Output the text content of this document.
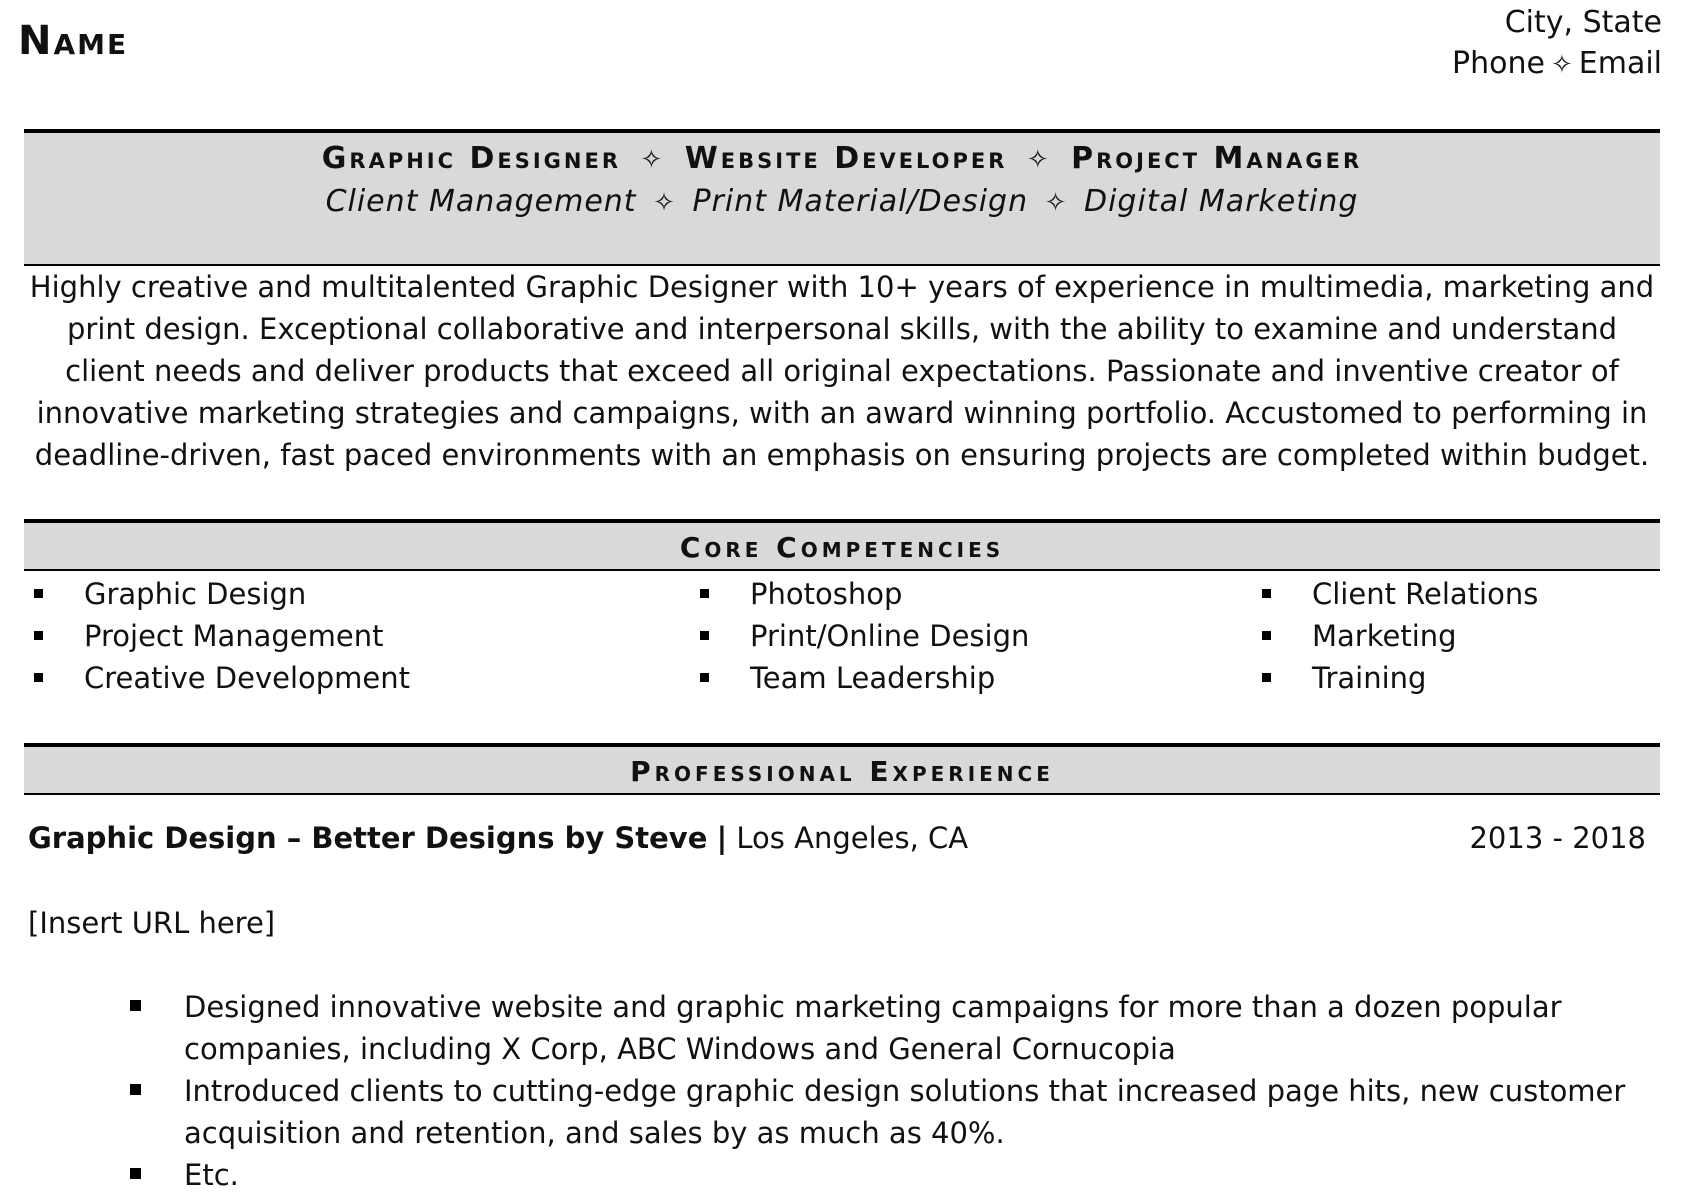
Name	City, State
Phone ✧ Email
Graphic Designer ✧ Website Developer ✧ Project Manager
Client Management ✧ Print Material/Design ✧ Digital Marketing

Highly creative and multitalented Graphic Designer with 10+ years of experience in multimedia, marketing and print design. Exceptional collaborative and interpersonal skills, with the ability to examine and understand client needs and deliver products that exceed all original expectations. Passionate and inventive creator of innovative marketing strategies and campaigns, with an award winning portfolio. Accustomed to performing in deadline-driven, fast paced environments with an emphasis on ensuring projects are completed within budget.

Core Competencies
Graphic Design
Project Management
Creative Development
Photoshop
Print/Online Design
Team Leadership
Client Relations
Marketing
Training
Professional Experience
Graphic Design – Better Designs by Steve | Los Angeles, CA	2013 - 2018
[Insert URL here]
Designed innovative website and graphic marketing campaigns for more than a dozen popular companies, including X Corp, ABC Windows and General Cornucopia
Introduced clients to cutting-edge graphic design solutions that increased page hits, new customer acquisition and retention, and sales by as much as 40%.
Etc.
